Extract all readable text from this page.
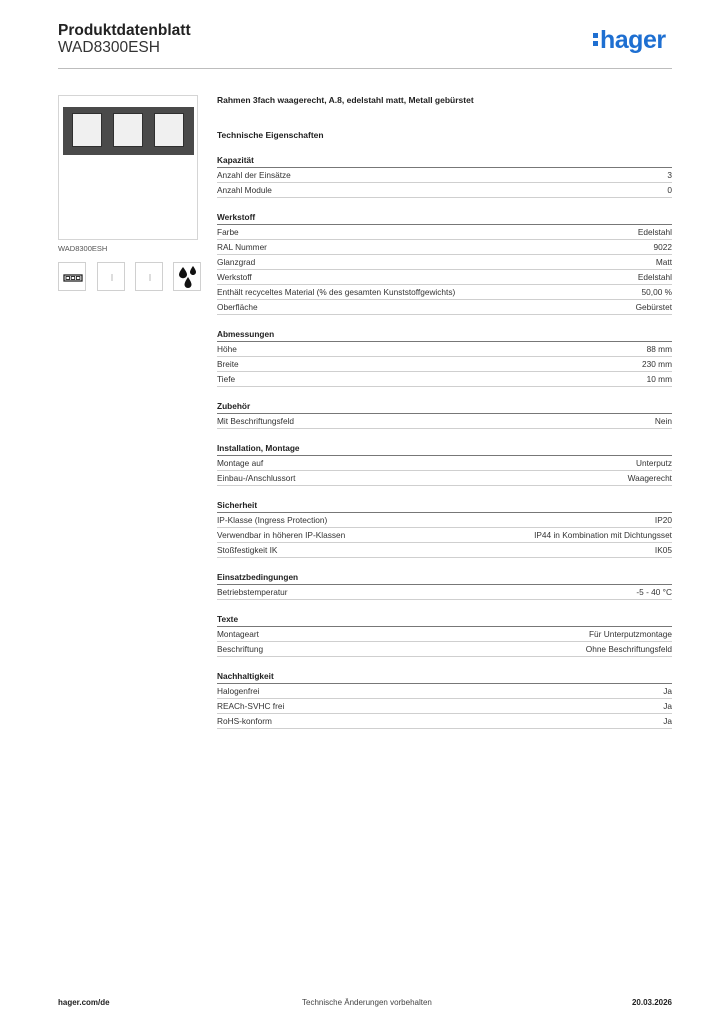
Produktdatenblatt
WAD8300ESH	hager
WAD8300ESH
Rahmen 3fach waagerecht, A.8, edelstahl matt, Metall gebürstet
Technische Eigenschaften
Kapazität
Anzahl der Einsätze	3
Anzahl Module	0
Werkstoff
Farbe	Edelstahl
RAL Nummer	9022
Glanzgrad	Matt
Werkstoff	Edelstahl
Enthält recyceltes Material (% des gesamten Kunststoffgewichts)	50,00 %
Oberfläche	Gebürstet
Abmessungen
Höhe	88 mm
Breite	230 mm
Tiefe	10 mm
Zubehör
Mit Beschriftungsfeld	Nein
Installation, Montage
Montage auf	Unterputz
Einbau-/Anschlussort	Waagerecht
Sicherheit
IP-Klasse (Ingress Protection)	IP20
Verwendbar in höheren IP-Klassen	IP44 in Kombination mit Dichtungsset
Stoßfestigkeit IK	IK05
Einsatzbedingungen
Betriebstemperatur	-5 - 40 °C
Texte
Montageart	Für Unterputzmontage
Beschriftung	Ohne Beschriftungsfeld
Nachhaltigkeit
Halogenfrei	Ja
REACh-SVHC frei	Ja
RoHS-konform	Ja
hager.com/de	Technische Änderungen vorbehalten	20.03.2026
